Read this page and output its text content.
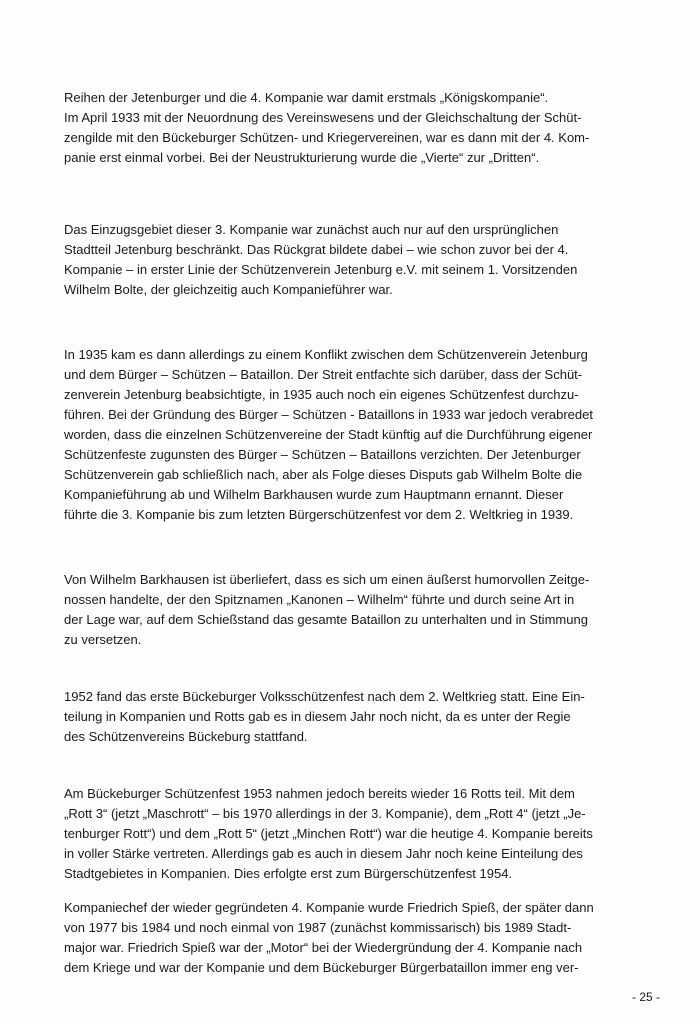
Reihen der Jetenburger und die 4. Kompanie war damit erstmals „Königskompanie“.
Im April 1933 mit der Neuordnung des Vereinswesens und der Gleichschaltung der Schüt-
zengilde mit den Bückeburger Schützen- und Kriegervereinen, war es dann mit der 4. Kom-
panie erst einmal vorbei. Bei der Neustrukturierung wurde die „Vierte“ zur „Dritten“.
Das Einzugsgebiet dieser 3. Kompanie war zunächst auch nur auf den ursprünglichen
Stadtteil Jetenburg beschränkt. Das Rückgrat bildete dabei – wie schon zuvor bei der 4.
Kompanie – in erster Linie der Schützenverein Jetenburg e.V. mit seinem 1. Vorsitzenden
Wilhelm Bolte, der gleichzeitig auch Kompanieführer war.
In 1935 kam es dann allerdings zu einem Konflikt zwischen dem Schützenverein Jetenburg
und dem Bürger – Schützen – Bataillon. Der Streit entfachte sich darüber, dass der Schüt-
zenverein Jetenburg beabsichtigte, in 1935 auch noch ein eigenes Schützenfest durchzu-
führen. Bei der Gründung des Bürger – Schützen - Bataillons in 1933 war jedoch verabredet
worden, dass die einzelnen Schützenvereine der Stadt künftig auf die Durchführung eigener
Schützenfeste zugunsten des Bürger – Schützen – Bataillons verzichten. Der Jetenburger
Schützenverein gab schließlich nach, aber als Folge dieses Disputs gab Wilhelm Bolte die
Kompanieführung ab und Wilhelm Barkhausen wurde zum Hauptmann ernannt. Dieser
führte die 3. Kompanie bis zum letzten Bürgerschützenfest vor dem 2. Weltkrieg in 1939.
Von Wilhelm Barkhausen ist überliefert, dass es sich um einen äußerst humorvollen Zeitge-
nossen handelte, der den Spitznamen „Kanonen – Wilhelm“ führte und durch seine Art in
der Lage war, auf dem Schießstand das gesamte Bataillon zu unterhalten und in Stimmung
zu versetzen.
1952 fand das erste Bückeburger Volksschützenfest nach dem 2. Weltkrieg statt. Eine Ein-
teilung in Kompanien und Rotts gab es in diesem Jahr noch nicht, da es unter der Regie
des Schützenvereins Bückeburg stattfand.
Am Bückeburger Schützenfest 1953 nahmen jedoch bereits wieder 16 Rotts teil. Mit dem
„Rott 3“ (jetzt „Maschrott“ – bis 1970 allerdings in der 3. Kompanie), dem „Rott 4“ (jetzt „Je-
tenburger Rott“) und dem „Rott 5“ (jetzt „Minchen Rott“) war die heutige 4. Kompanie bereits
in voller Stärke vertreten. Allerdings gab es auch in diesem Jahr noch keine Einteilung des
Stadtgebietes in Kompanien. Dies erfolgte erst zum Bürgerschützenfest 1954.
Kompaniechef der wieder gegründeten 4. Kompanie wurde Friedrich Spieß, der später dann
von 1977 bis 1984 und noch einmal von 1987 (zunächst kommissarisch) bis 1989 Stadt-
major war. Friedrich Spieß war der „Motor“ bei der Wiedergründung der 4. Kompanie nach
dem Kriege und war der Kompanie und dem Bückeburger Bürgerbataillon immer eng ver-
- 25 -
